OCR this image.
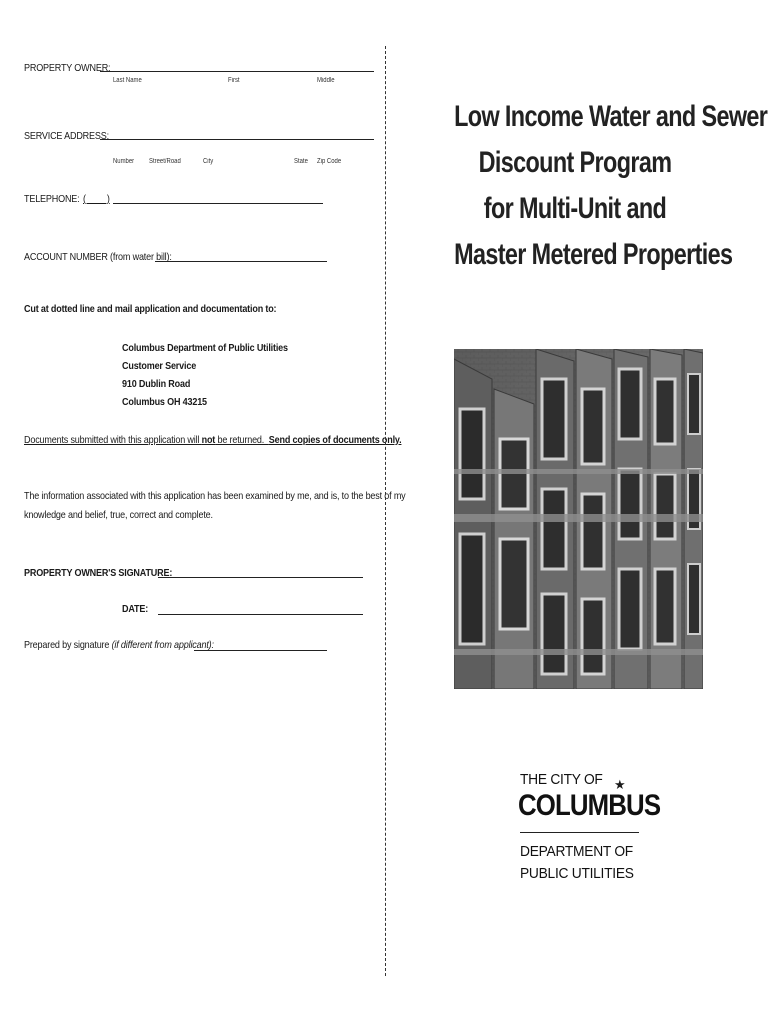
PROPERTY OWNER:
Last Name	First	Middle
SERVICE ADDRESS:
Number Street/Road	City	State Zip Code
TELEPHONE: (         )
ACCOUNT NUMBER (from water bill):
Cut at dotted line and mail application and documentation to:
Columbus Department of Public Utilities
Customer Service
910 Dublin Road
Columbus OH 43215
Documents submitted with this application will not be returned.  Send copies of documents only.
The information associated with this application has been examined by me, and is, to the best of my
knowledge and belief, true, correct and complete.
PROPERTY OWNER'S SIGNATURE:
DATE:
Prepared by signature (if different from applicant):
Low Income Water and Sewer
Discount Program
for Multi-Unit and
Master Metered Properties
THE CITY OF
COLUMBUS
★
DEPARTMENT OF
PUBLIC UTILITIES
